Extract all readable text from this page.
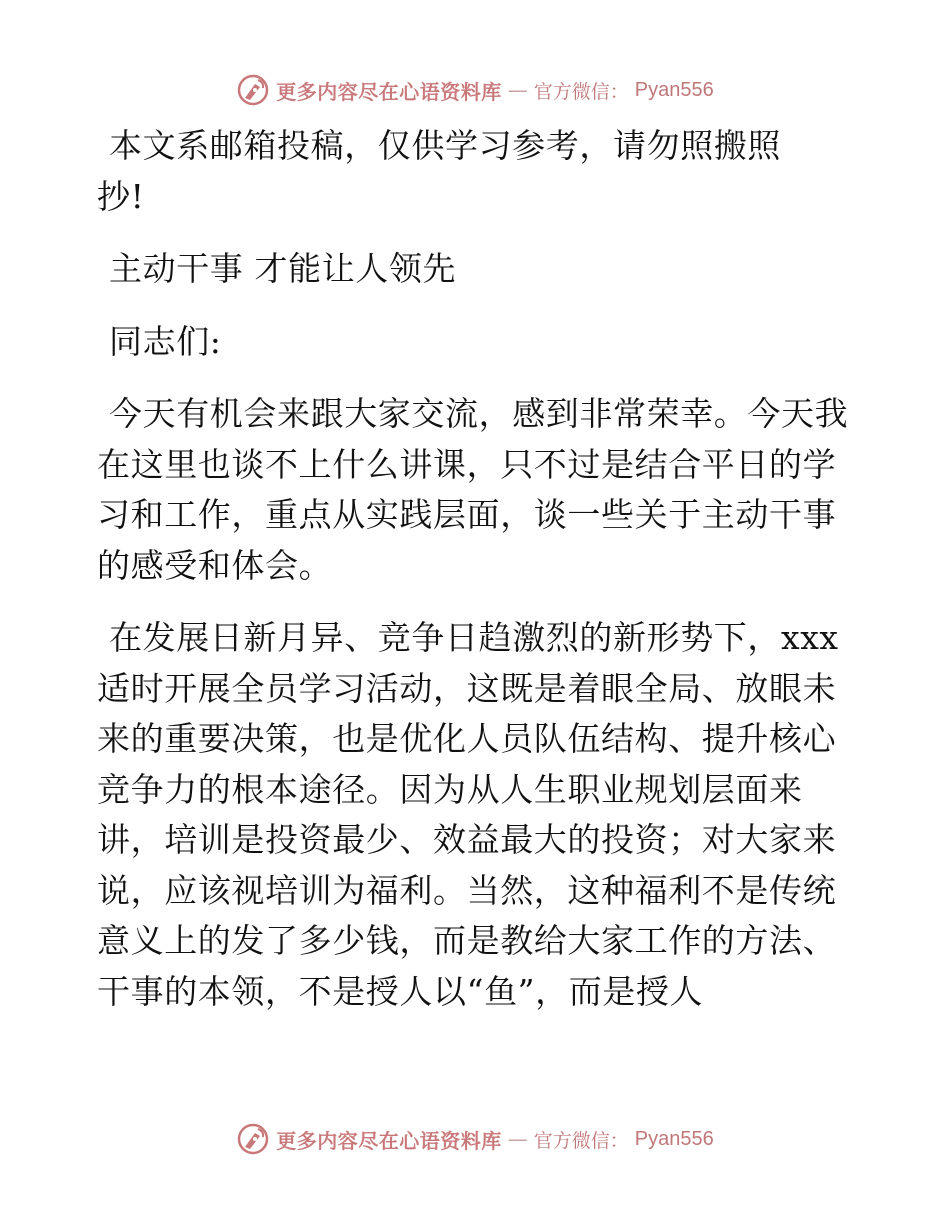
更多内容尽在心语资料库 — 官方微信： Pyan556

本文系邮箱投稿，仅供学习参考，请勿照搬照抄!

主动干事 才能让人领先

同志们:

今天有机会来跟大家交流，感到非常荣幸。今天我在这里也谈不上什么讲课，只不过是结合平日的学习和工作，重点从实践层面，谈一些关于主动干事的感受和体会。

在发展日新月异、竞争日趋激烈的新形势下，xxx适时开展全员学习活动，这既是着眼全局、放眼未来的重要决策，也是优化人员队伍结构、提升核心竞争力的根本途径。因为从人生职业规划层面来讲，培训是投资最少、效益最大的投资；对大家来说，应该视培训为福利。当然，这种福利不是传统意义上的发了多少钱，而是教给大家工作的方法、干事的本领，不是授人以“鱼”，而是授人

更多内容尽在心语资料库 — 官方微信： Pyan556
